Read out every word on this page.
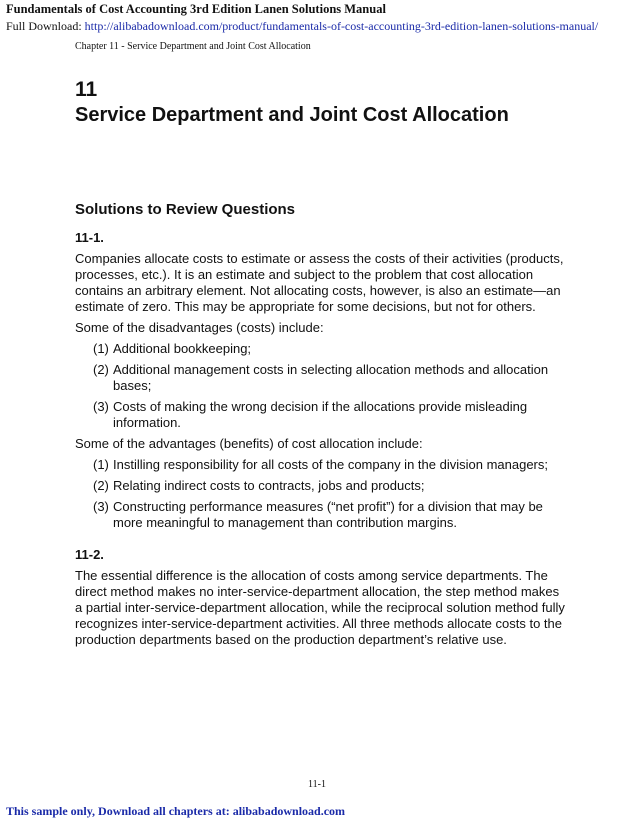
Fundamentals of Cost Accounting 3rd Edition Lanen Solutions Manual
Full Download: http://alibabadownload.com/product/fundamentals-of-cost-accounting-3rd-edition-lanen-solutions-manual/
Chapter 11 - Service Department and Joint Cost Allocation
11
Service Department and Joint Cost Allocation

Solutions to Review Questions

11-1.

Companies allocate costs to estimate or assess the costs of their activities (products, processes, etc.). It is an estimate and subject to the problem that cost allocation contains an arbitrary element. Not allocating costs, however, is also an estimate—an estimate of zero. This may be appropriate for some decisions, but not for others.

Some of the disadvantages (costs) include:

(1) Additional bookkeeping;
(2) Additional management costs in selecting allocation methods and allocation bases;
(3) Costs of making the wrong decision if the allocations provide misleading information.

Some of the advantages (benefits) of cost allocation include:

(1) Instilling responsibility for all costs of the company in the division managers;
(2) Relating indirect costs to contracts, jobs and products;
(3) Constructing performance measures (“net profit”) for a division that may be more meaningful to management than contribution margins.

11-2.

The essential difference is the allocation of costs among service departments. The direct method makes no inter-service-department allocation, the step method makes a partial inter-service-department allocation, while the reciprocal solution method fully recognizes inter-service-department activities. All three methods allocate costs to the production departments based on the production department’s relative use.

11-1
This sample only, Download all chapters at: alibabadownload.com
